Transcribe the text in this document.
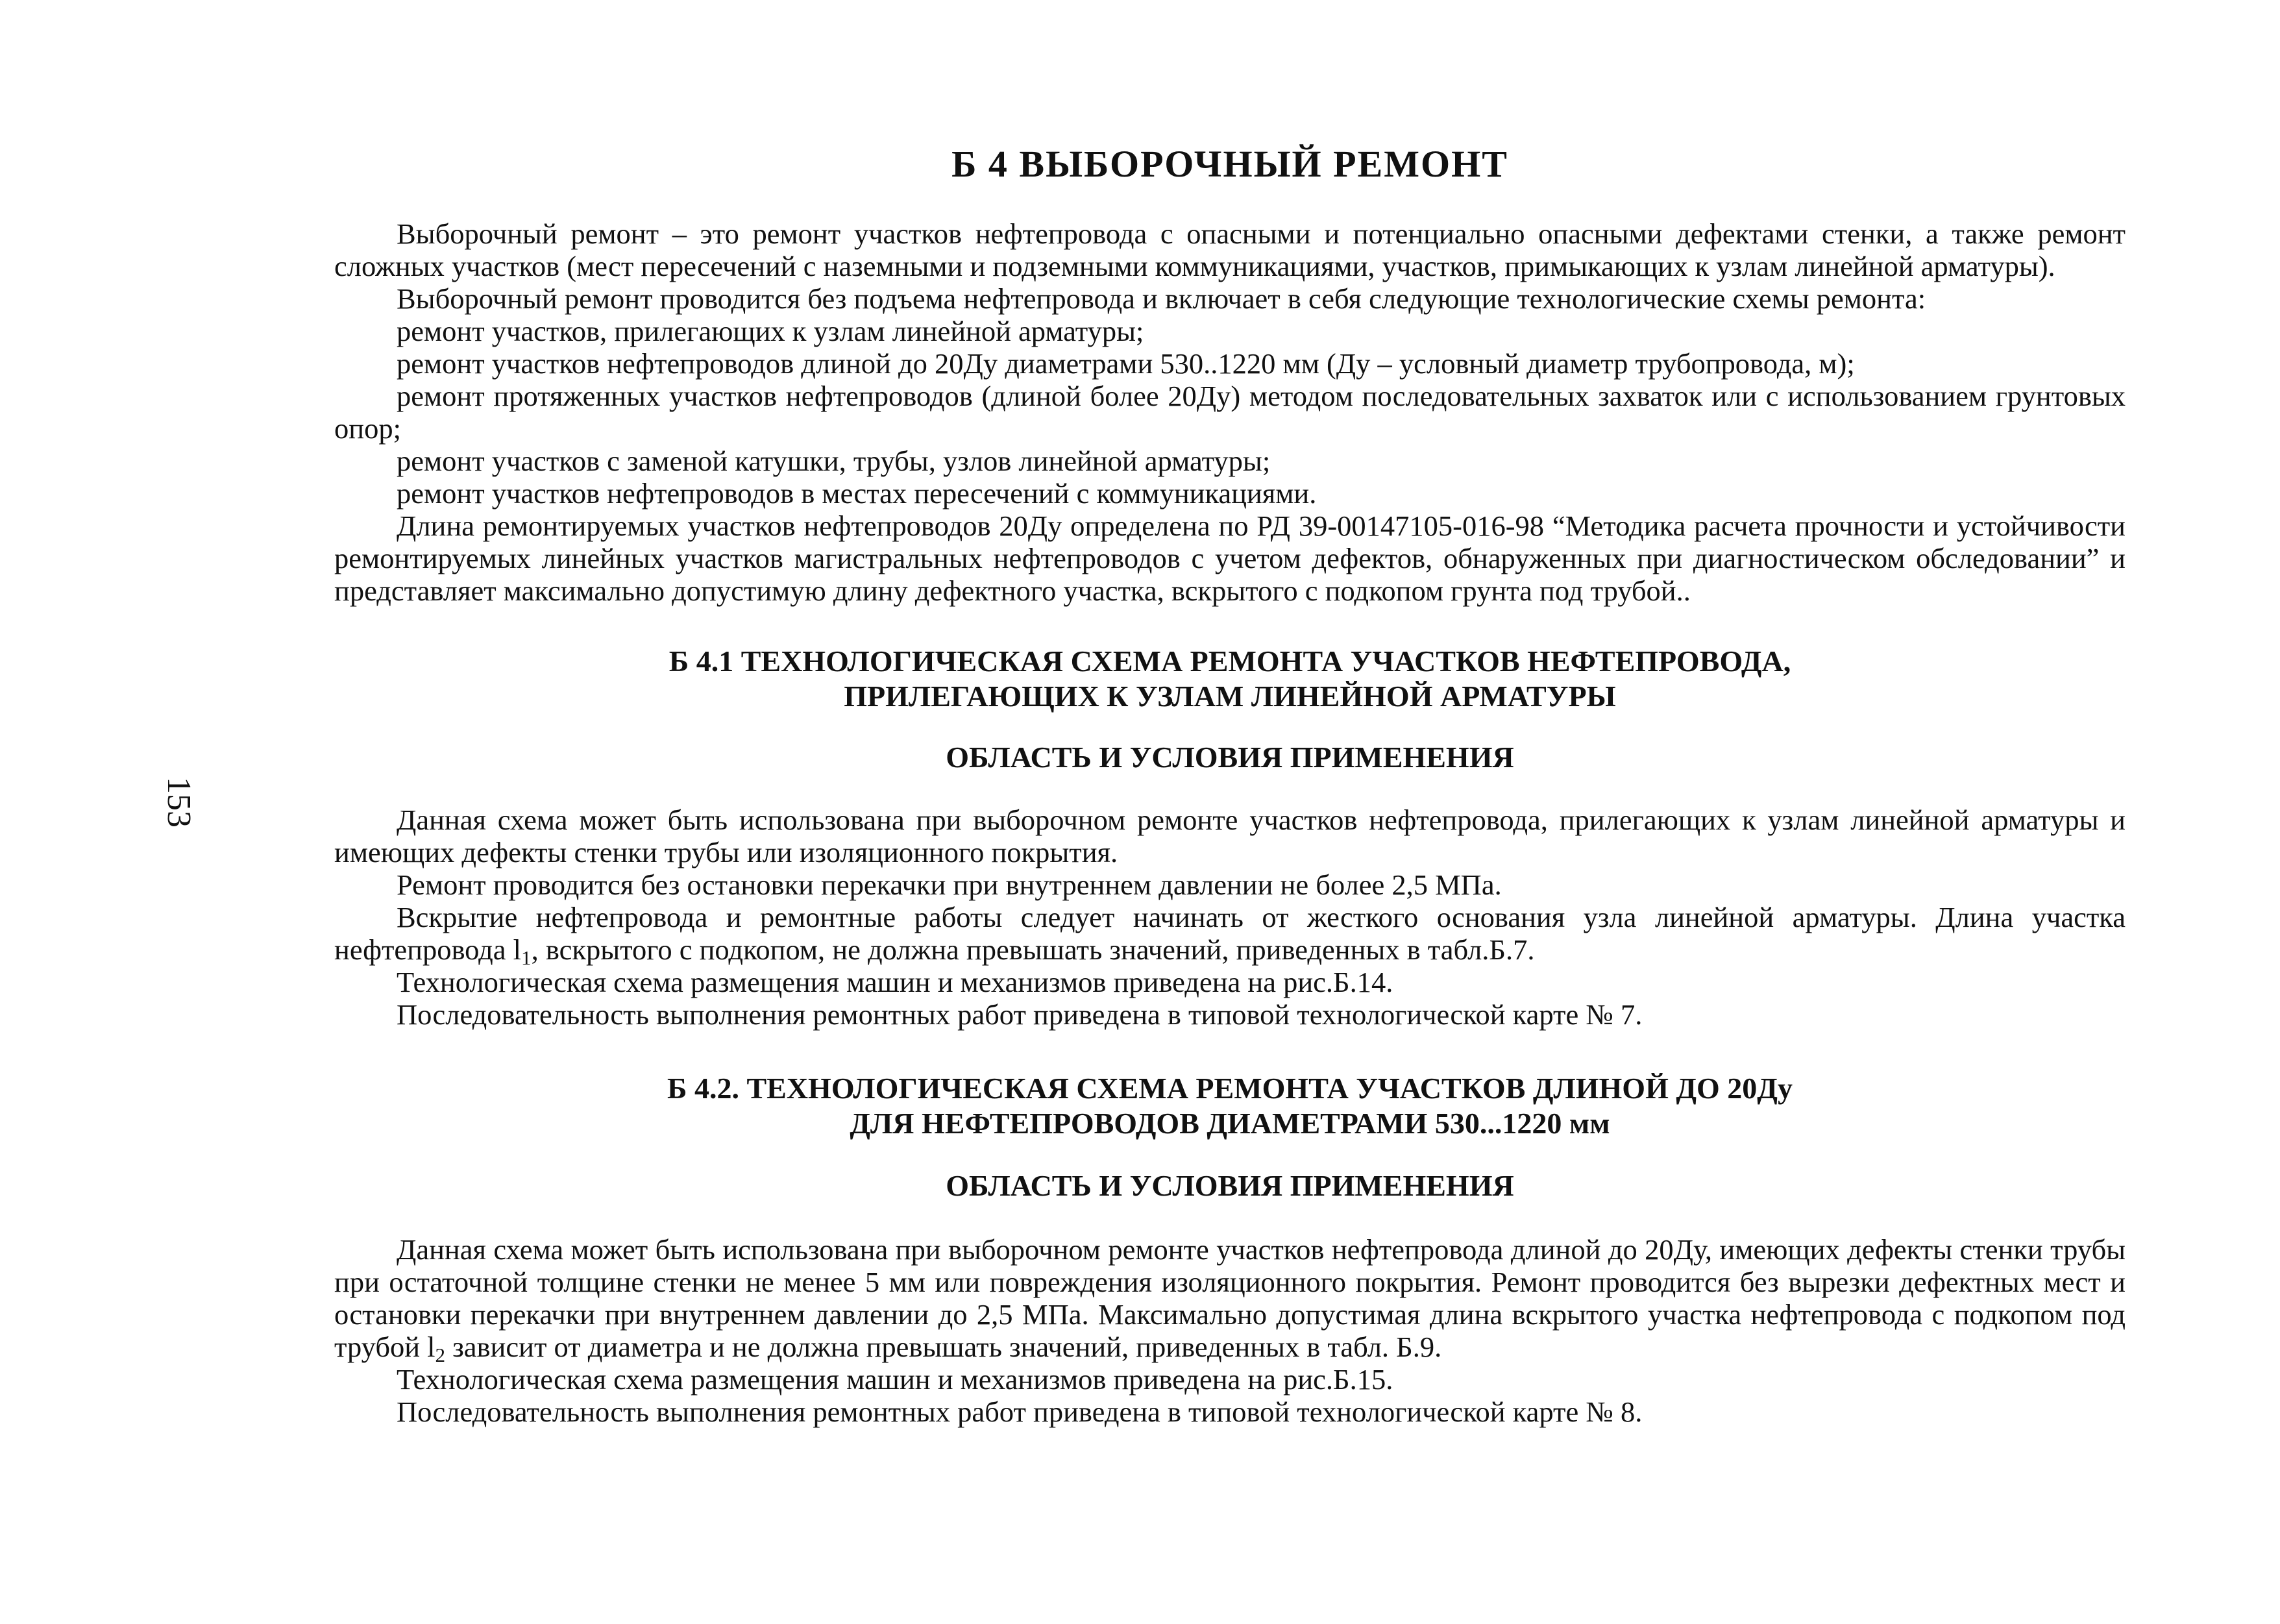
153
Б 4 ВЫБОРОЧНЫЙ РЕМОНТ

Выборочный ремонт – это ремонт участков нефтепровода с опасными и потенциально опасными дефектами стенки, а также ремонт сложных участков (мест пересечений с наземными и подземными коммуникациями, участков, примыкающих к узлам линейной арматуры).

Выборочный ремонт проводится без подъема нефтепровода и включает в себя следующие технологические схемы ремонта:

ремонт участков, прилегающих к узлам линейной арматуры;

ремонт участков нефтепроводов длиной до 20Ду диаметрами 530..1220 мм (Ду – условный диаметр трубопровода, м);

ремонт протяженных участков нефтепроводов (длиной более 20Ду) методом последовательных захваток или с использованием грунтовых опор;

ремонт участков с заменой катушки, трубы, узлов линейной арматуры;

ремонт участков нефтепроводов в местах пересечений с коммуникациями.

Длина ремонтируемых участков нефтепроводов 20Ду определена по РД 39-00147105-016-98 “Методика расчета прочности и устойчивости ремонтируемых линейных участков магистральных нефтепроводов с учетом дефектов, обнаруженных при диагностическом обследовании” и представляет максимально допустимую длину дефектного участка, вскрытого с подкопом грунта под трубой..

Б 4.1 ТЕХНОЛОГИЧЕСКАЯ СХЕМА РЕМОНТА УЧАСТКОВ НЕФТЕПРОВОДА,
ПРИЛЕГАЮЩИХ К УЗЛАМ ЛИНЕЙНОЙ АРМАТУРЫ
ОБЛАСТЬ И УСЛОВИЯ ПРИМЕНЕНИЯ

Данная схема может быть использована при выборочном ремонте участков нефтепровода, прилегающих к узлам линейной арматуры и имеющих дефекты стенки трубы или изоляционного покрытия.

Ремонт проводится без остановки перекачки при внутреннем давлении не более 2,5 МПа.

Вскрытие нефтепровода и ремонтные работы следует начинать от жесткого основания узла линейной арматуры. Длина участка нефтепровода $l_1$, вскрытого с подкопом, не должна превышать значений, приведенных в табл.Б.7.

Технологическая схема размещения машин и механизмов приведена на рис.Б.14.

Последовательность выполнения ремонтных работ приведена в типовой технологической карте № 7.

Б 4.2. ТЕХНОЛОГИЧЕСКАЯ СХЕМА РЕМОНТА УЧАСТКОВ ДЛИНОЙ ДО 20Ду
ДЛЯ НЕФТЕПРОВОДОВ ДИАМЕТРАМИ 530...1220 мм
ОБЛАСТЬ И УСЛОВИЯ ПРИМЕНЕНИЯ

Данная схема может быть использована при выборочном ремонте участков нефтепровода длиной до 20Ду, имеющих дефекты стенки трубы при остаточной толщине стенки не менее 5 мм или повреждения изоляционного покрытия. Ремонт проводится без вырезки дефектных мест и остановки перекачки при внутреннем давлении до 2,5 МПа. Максимально допустимая длина вскрытого участка нефтепровода с подкопом под трубой $l_2$ зависит от диаметра и не должна превышать значений, приведенных в табл. Б.9.

Технологическая схема размещения машин и механизмов приведена на рис.Б.15.

Последовательность выполнения ремонтных работ приведена в типовой технологической карте № 8.
